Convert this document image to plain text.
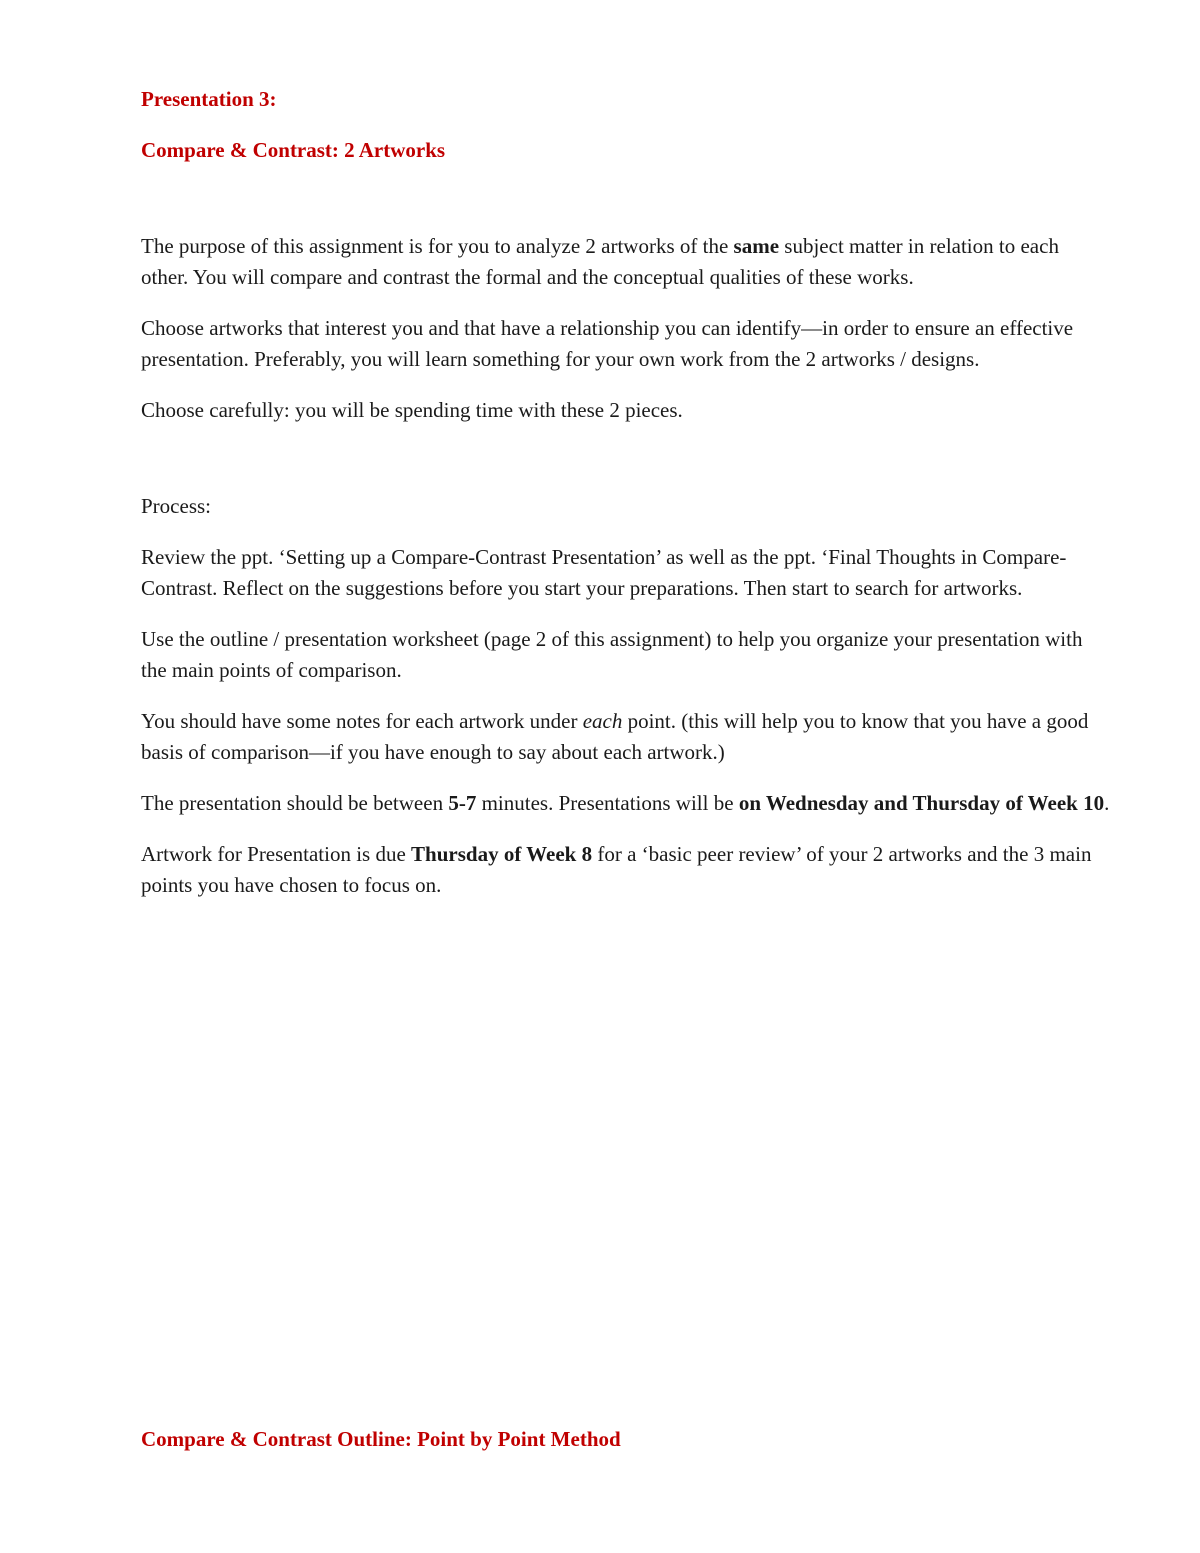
Presentation 3:
Compare & Contrast: 2 Artworks

The purpose of this assignment is for you to analyze 2 artworks of the same subject matter in relation to each other. You will compare and contrast the formal and the conceptual qualities of these works.

Choose artworks that interest you and that have a relationship you can identify—in order to ensure an effective presentation. Preferably, you will learn something for your own work from the 2 artworks / designs.

Choose carefully: you will be spending time with these 2 pieces.

Process:

Review the ppt. ‘Setting up a Compare-Contrast Presentation’ as well as the ppt. ‘Final Thoughts in Compare-Contrast. Reflect on the suggestions before you start your preparations. Then start to search for artworks.

Use the outline / presentation worksheet (page 2 of this assignment) to help you organize your presentation with the main points of comparison.

You should have some notes for each artwork under each point. (this will help you to know that you have a good basis of comparison—if you have enough to say about each artwork.)

The presentation should be between 5-7 minutes. Presentations will be on Wednesday and Thursday of Week 10.

Artwork for Presentation is due Thursday of Week 8 for a ‘basic peer review’ of your 2 artworks and the 3 main points you have chosen to focus on.

Compare & Contrast Outline: Point by Point Method
